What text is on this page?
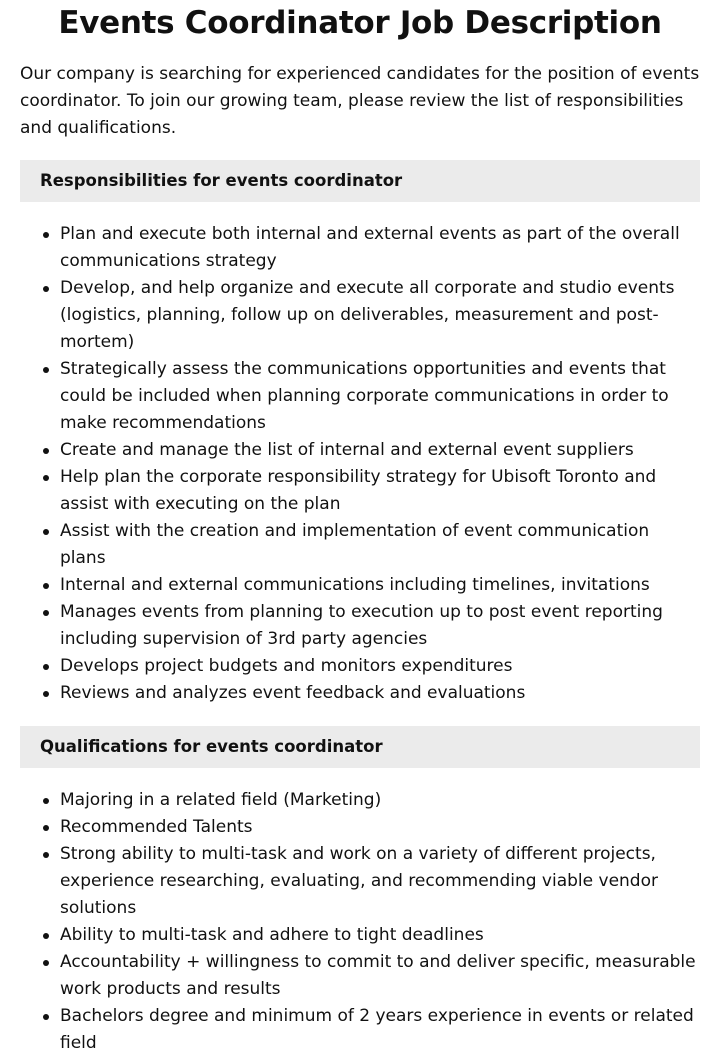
Events Coordinator Job Description

Our company is searching for experienced candidates for the position of events coordinator. To join our growing team, please review the list of responsibilities and qualifications.

Responsibilities for events coordinator
Plan and execute both internal and external events as part of the overall communications strategy
Develop, and help organize and execute all corporate and studio events (logistics, planning, follow up on deliverables, measurement and post-mortem)
Strategically assess the communications opportunities and events that could be included when planning corporate communications in order to make recommendations
Create and manage the list of internal and external event suppliers
Help plan the corporate responsibility strategy for Ubisoft Toronto and assist with executing on the plan
Assist with the creation and implementation of event communication plans
Internal and external communications including timelines, invitations
Manages events from planning to execution up to post event reporting including supervision of 3rd party agencies
Develops project budgets and monitors expenditures
Reviews and analyzes event feedback and evaluations
Qualifications for events coordinator
Majoring in a related field (Marketing)
Recommended Talents
Strong ability to multi-task and work on a variety of different projects, experience researching, evaluating, and recommending viable vendor solutions
Ability to multi-task and adhere to tight deadlines
Accountability + willingness to commit to and deliver specific, measurable work products and results
Bachelors degree and minimum of 2 years experience in events or related field
